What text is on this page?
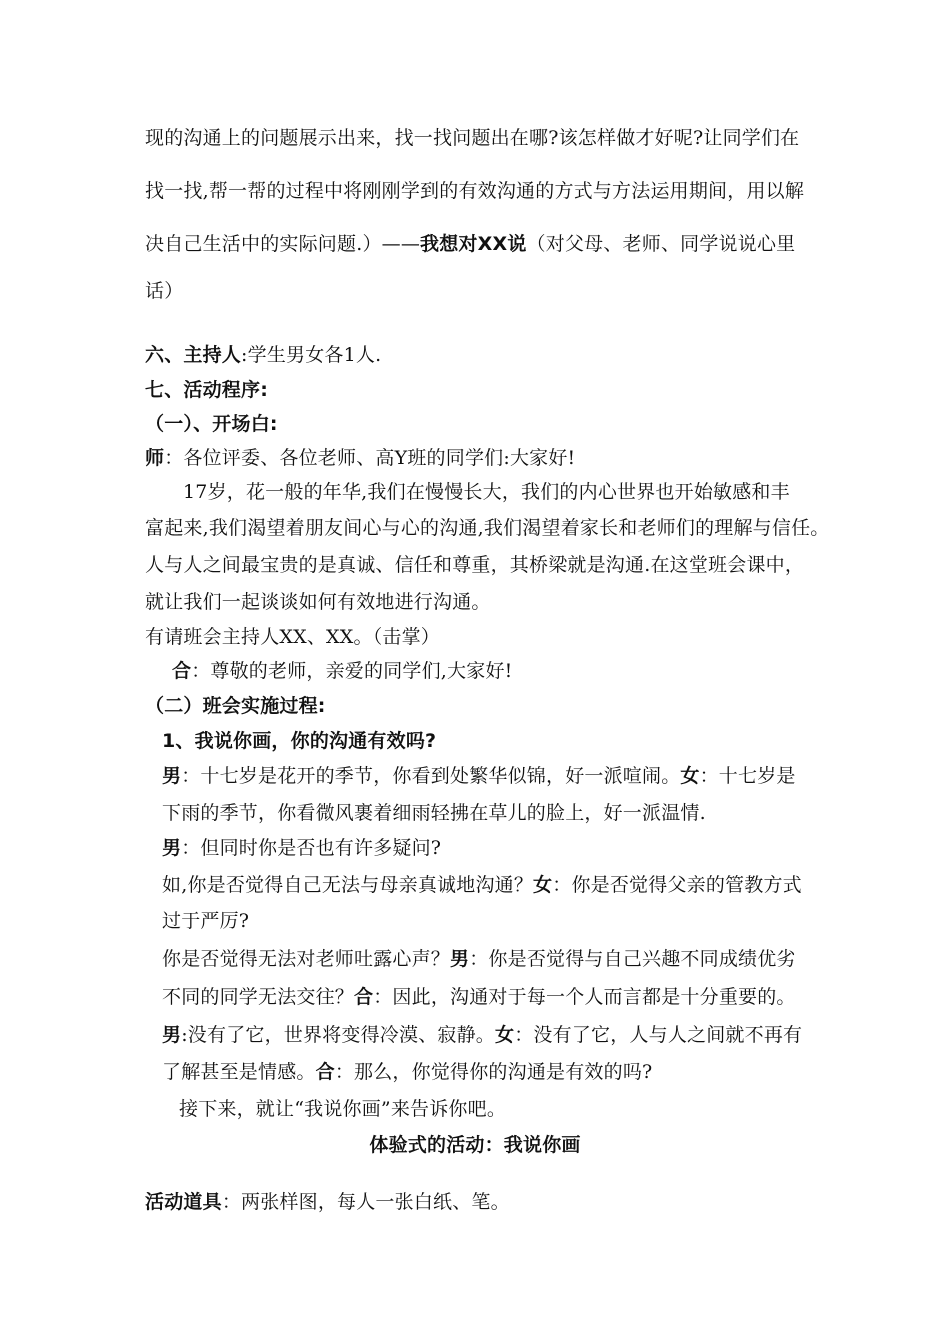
现的沟通上的问题展示出来，找一找问题出在哪?该怎样做才好呢?让同学们在
找一找,帮一帮的过程中将刚刚学到的有效沟通的方式与方法运用期间，用以解
决自己生活中的实际问题.）——我想对XX说（对父母、老师、同学说说心里
话）
六、主持人:学生男女各1人.
七、活动程序:
（一）、开场白:
师：各位评委、各位老师、高Y班的同学们:大家好!
17岁，花一般的年华,我们在慢慢长大，我们的内心世界也开始敏感和丰
富起来,我们渴望着朋友间心与心的沟通,我们渴望着家长和老师们的理解与信任。
人与人之间最宝贵的是真诚、信任和尊重，其桥梁就是沟通.在这堂班会课中，
就让我们一起谈谈如何有效地进行沟通。
有请班会主持人XX、XX。（击掌）
合：尊敬的老师，亲爱的同学们,大家好!
（二）班会实施过程:
1、我说你画，你的沟通有效吗?
男：十七岁是花开的季节，你看到处繁华似锦，好一派喧闹。女：十七岁是
下雨的季节，你看微风裹着细雨轻拂在草儿的脸上，好一派温情.
男：但同时你是否也有许多疑问?
如,你是否觉得自己无法与母亲真诚地沟通？女：你是否觉得父亲的管教方式
过于严厉?
你是否觉得无法对老师吐露心声？男：你是否觉得与自己兴趣不同成绩优劣
不同的同学无法交往？合：因此，沟通对于每一个人而言都是十分重要的。
男:没有了它，世界将变得冷漠、寂静。女：没有了它，人与人之间就不再有
了解甚至是情感。合：那么，你觉得你的沟通是有效的吗?
接下来，就让“我说你画”来告诉你吧。
体验式的活动：我说你画
活动道具：两张样图，每人一张白纸、笔。
